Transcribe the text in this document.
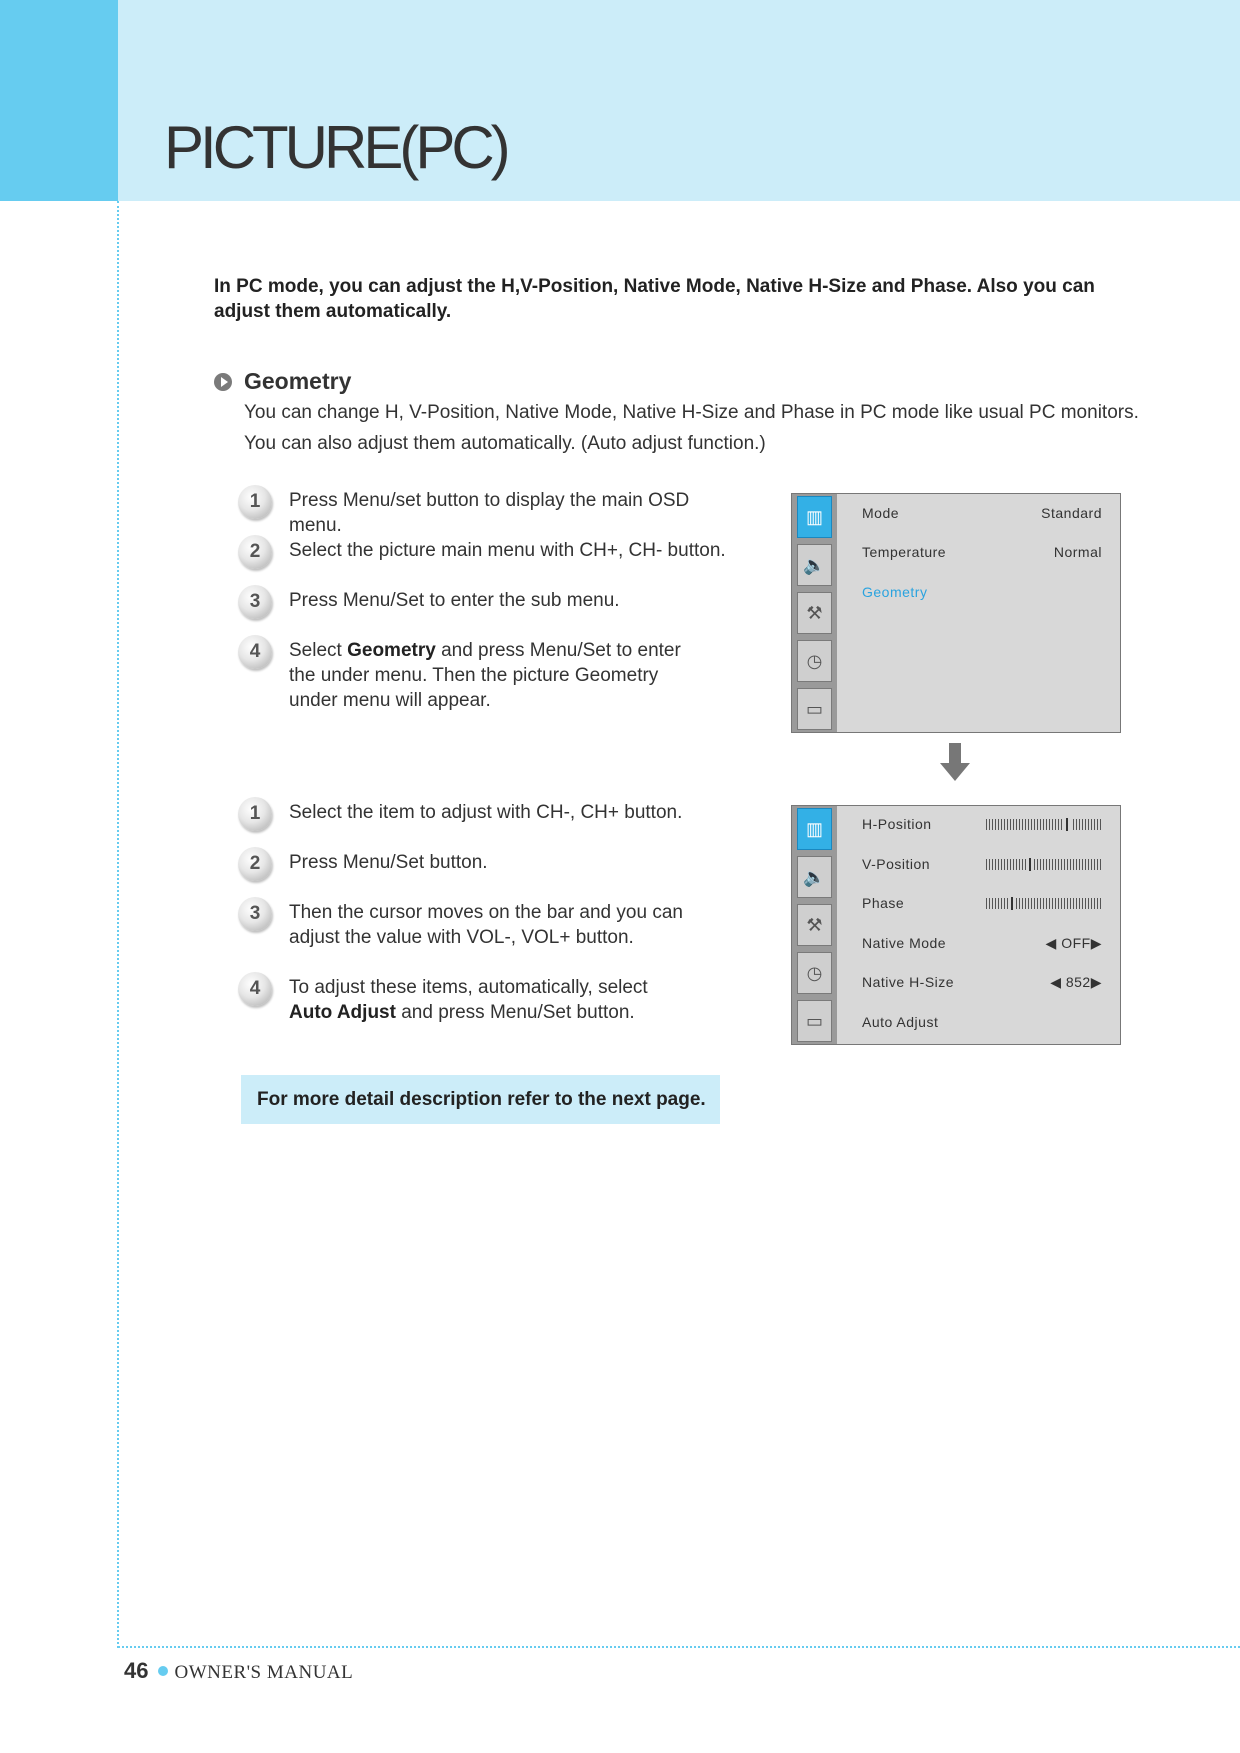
PICTURE(PC)

In PC mode, you can adjust the H,V-Position, Native Mode, Native H-Size and Phase. Also you can adjust them automatically.

Geometry

You can change H, V-Position, Native Mode, Native H-Size and Phase in PC mode like usual PC monitors.

You can also adjust them automatically. (Auto adjust function.)

1	Press Menu/set button to display the main OSD menu.
2	Select the picture main menu with CH+, CH- button.
3	Press Menu/Set to enter the sub menu.
4	Select Geometry and press Menu/Set to enter the under menu. Then the picture Geometry under menu will appear.
1	Select the item to adjust with CH-, CH+ button.
2	Press Menu/Set button.
3	Then the cursor moves on the bar and you can adjust the value with VOL-, VOL+ button.
4	To adjust these items, automatically, select Auto Adjust and press Menu/Set button.
▥
🔈
⚒
◷
▭
Mode	Standard
Temperature	Normal
Geometry
▥
🔈
⚒
◷
▭
H-Position
V-Position
Phase
Native Mode	◀ OFF▶
Native H-Size	◀ 852▶
Auto Adjust
For more detail description refer to the next page.
46 OWNER'S MANUAL
